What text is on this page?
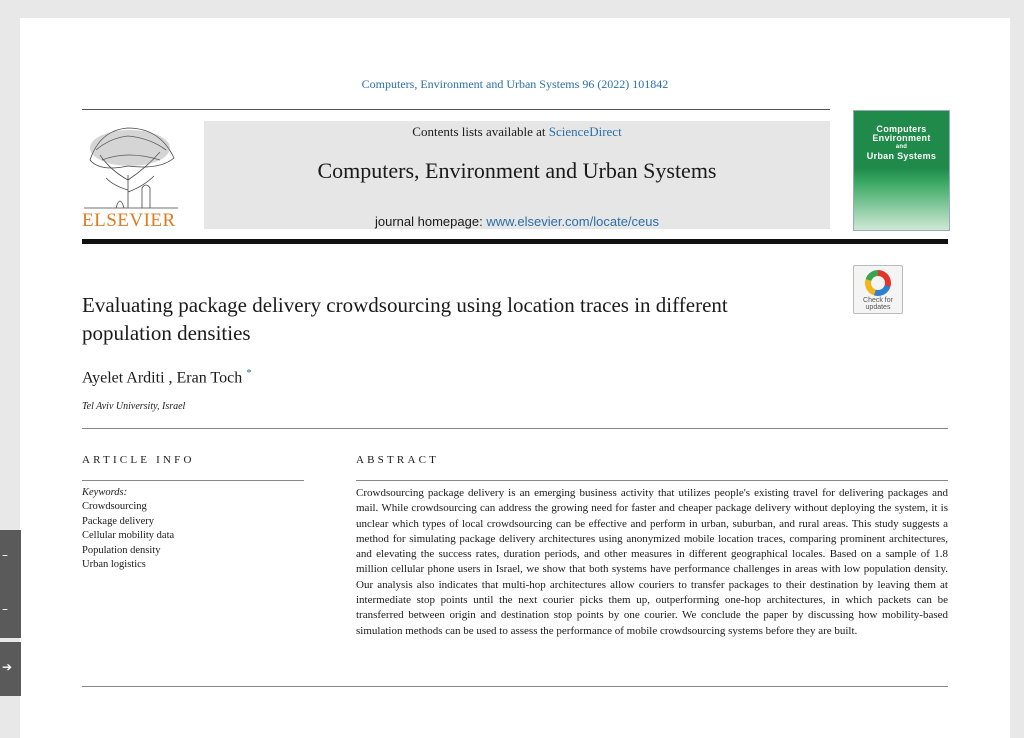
Computers, Environment and Urban Systems 96 (2022) 101842
ELSEVIER
Contents lists available at ScienceDirect
Computers, Environment and Urban Systems
journal homepage: www.elsevier.com/locate/ceus
Computers
Environment
and
Urban Systems
Check for
updates
Evaluating package delivery crowdsourcing using location traces in different population densities
Ayelet Arditi , Eran Toch *
Tel Aviv University, Israel
ARTICLE INFO
Keywords:
Crowdsourcing
Package delivery
Cellular mobility data
Population density
Urban logistics
ABSTRACT
Crowdsourcing package delivery is an emerging business activity that utilizes people's existing travel for delivering packages and mail. While crowdsourcing can address the growing need for faster and cheaper package delivery without deploying the system, it is unclear which types of local crowdsourcing can be effective and perform in urban, suburban, and rural areas. This study suggests a method for simulating package delivery architectures using anonymized mobile location traces, comparing prominent architectures, and elevating the success rates, duration periods, and other measures in different geographical locales. Based on a sample of 1.8 million cellular phone users in Israel, we show that both systems have performance challenges in areas with low population density. Our analysis also indicates that multi-hop architectures allow couriers to transfer packages to their destination by leaving them at intermediate stop points until the next courier picks them up, outperforming one-hop architectures, in which packets can be transferred between origin and destination stop points by one courier. We conclude the paper by discussing how mobility-based simulation methods can be used to assess the performance of mobile crowdsourcing systems before they are built.
–
–
➔
